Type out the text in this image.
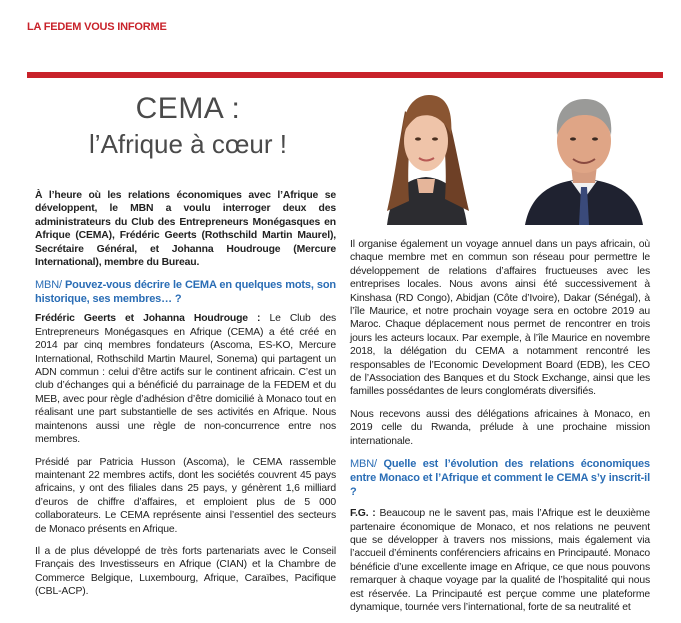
LA FEDEM VOUS INFORME
CEMA :
l’Afrique à cœur !

À l’heure où les relations économiques avec l’Afrique se développent, le MBN a voulu interroger deux des administrateurs du Club des Entrepreneurs Monégasques en Afrique (CEMA), Frédéric Geerts (Rothschild Martin Maurel), Secrétaire Général, et Johanna Houdrouge (Mercure International), membre du Bureau.

MBN/ Pouvez-vous décrire le CEMA en quelques mots, son historique, ses membres… ?

Frédéric Geerts et Johanna Houdrouge : Le Club des Entrepreneurs Monégasques en Afrique (CEMA) a été créé en 2014 par cinq membres fondateurs (Ascoma, ES-KO, Mercure International, Rothschild Martin Maurel, Sonema) qui partagent un ADN commun : celui d’être actifs sur le continent africain. C’est un club d’échanges qui a bénéficié du parrainage de la FEDEM et du MEB, avec pour règle d’adhésion d’être domicilié à Monaco tout en réalisant une part substantielle de ses activités en Afrique. Nous maintenons aussi une règle de non-concurrence entre nos membres.

Présidé par Patricia Husson (Ascoma), le CEMA rassemble maintenant 22 membres actifs, dont les sociétés couvrent 45 pays africains, y ont des filiales dans 25 pays, y génèrent 1,6 milliard d’euros de chiffre d’affaires, et emploient plus de 5 000 collaborateurs. Le CEMA représente ainsi l’essentiel des secteurs de Monaco présents en Afrique.

Il a de plus développé de très forts partenariats avec le Conseil Français des Investisseurs en Afrique (CIAN) et la Chambre de Commerce Belgique, Luxembourg, Afrique, Caraïbes, Pacifique (CBL-ACP).

Il organise également un voyage annuel dans un pays africain, où chaque membre met en commun son réseau pour permettre le développement de relations d’affaires fructueuses avec les entreprises locales. Nous avons ainsi été successivement à Kinshasa (RD Congo), Abidjan (Côte d’Ivoire), Dakar (Sénégal), à l’île Maurice, et notre prochain voyage sera en octobre 2019 au Maroc. Chaque déplacement nous permet de rencontrer en trois jours les acteurs locaux. Par exemple, à l’île Maurice en novembre 2018, la délégation du CEMA a notamment rencontré les responsables de l’Economic Development Board (EDB), les CEO de l’Association des Banques et du Stock Exchange, ainsi que les familles possédantes de leurs conglomérats diversifiés.

Nous recevons aussi des délégations africaines à Monaco, en 2019 celle du Rwanda, prélude à une prochaine mission internationale.

MBN/ Quelle est l’évolution des relations économiques entre Monaco et l’Afrique et comment le CEMA s’y inscrit-il ?

F.G. : Beaucoup ne le savent pas, mais l’Afrique est le deuxième partenaire économique de Monaco, et nos relations ne peuvent que se développer à travers nos missions, mais également via l’accueil d’éminents conférenciers africains en Principauté. Monaco bénéficie d’une excellente image en Afrique, ce que nous pouvons remarquer à chaque voyage par la qualité de l’hospitalité qui nous est réservée. La Principauté est perçue comme une plateforme dynamique, tournée vers l’international, forte de sa neutralité et
